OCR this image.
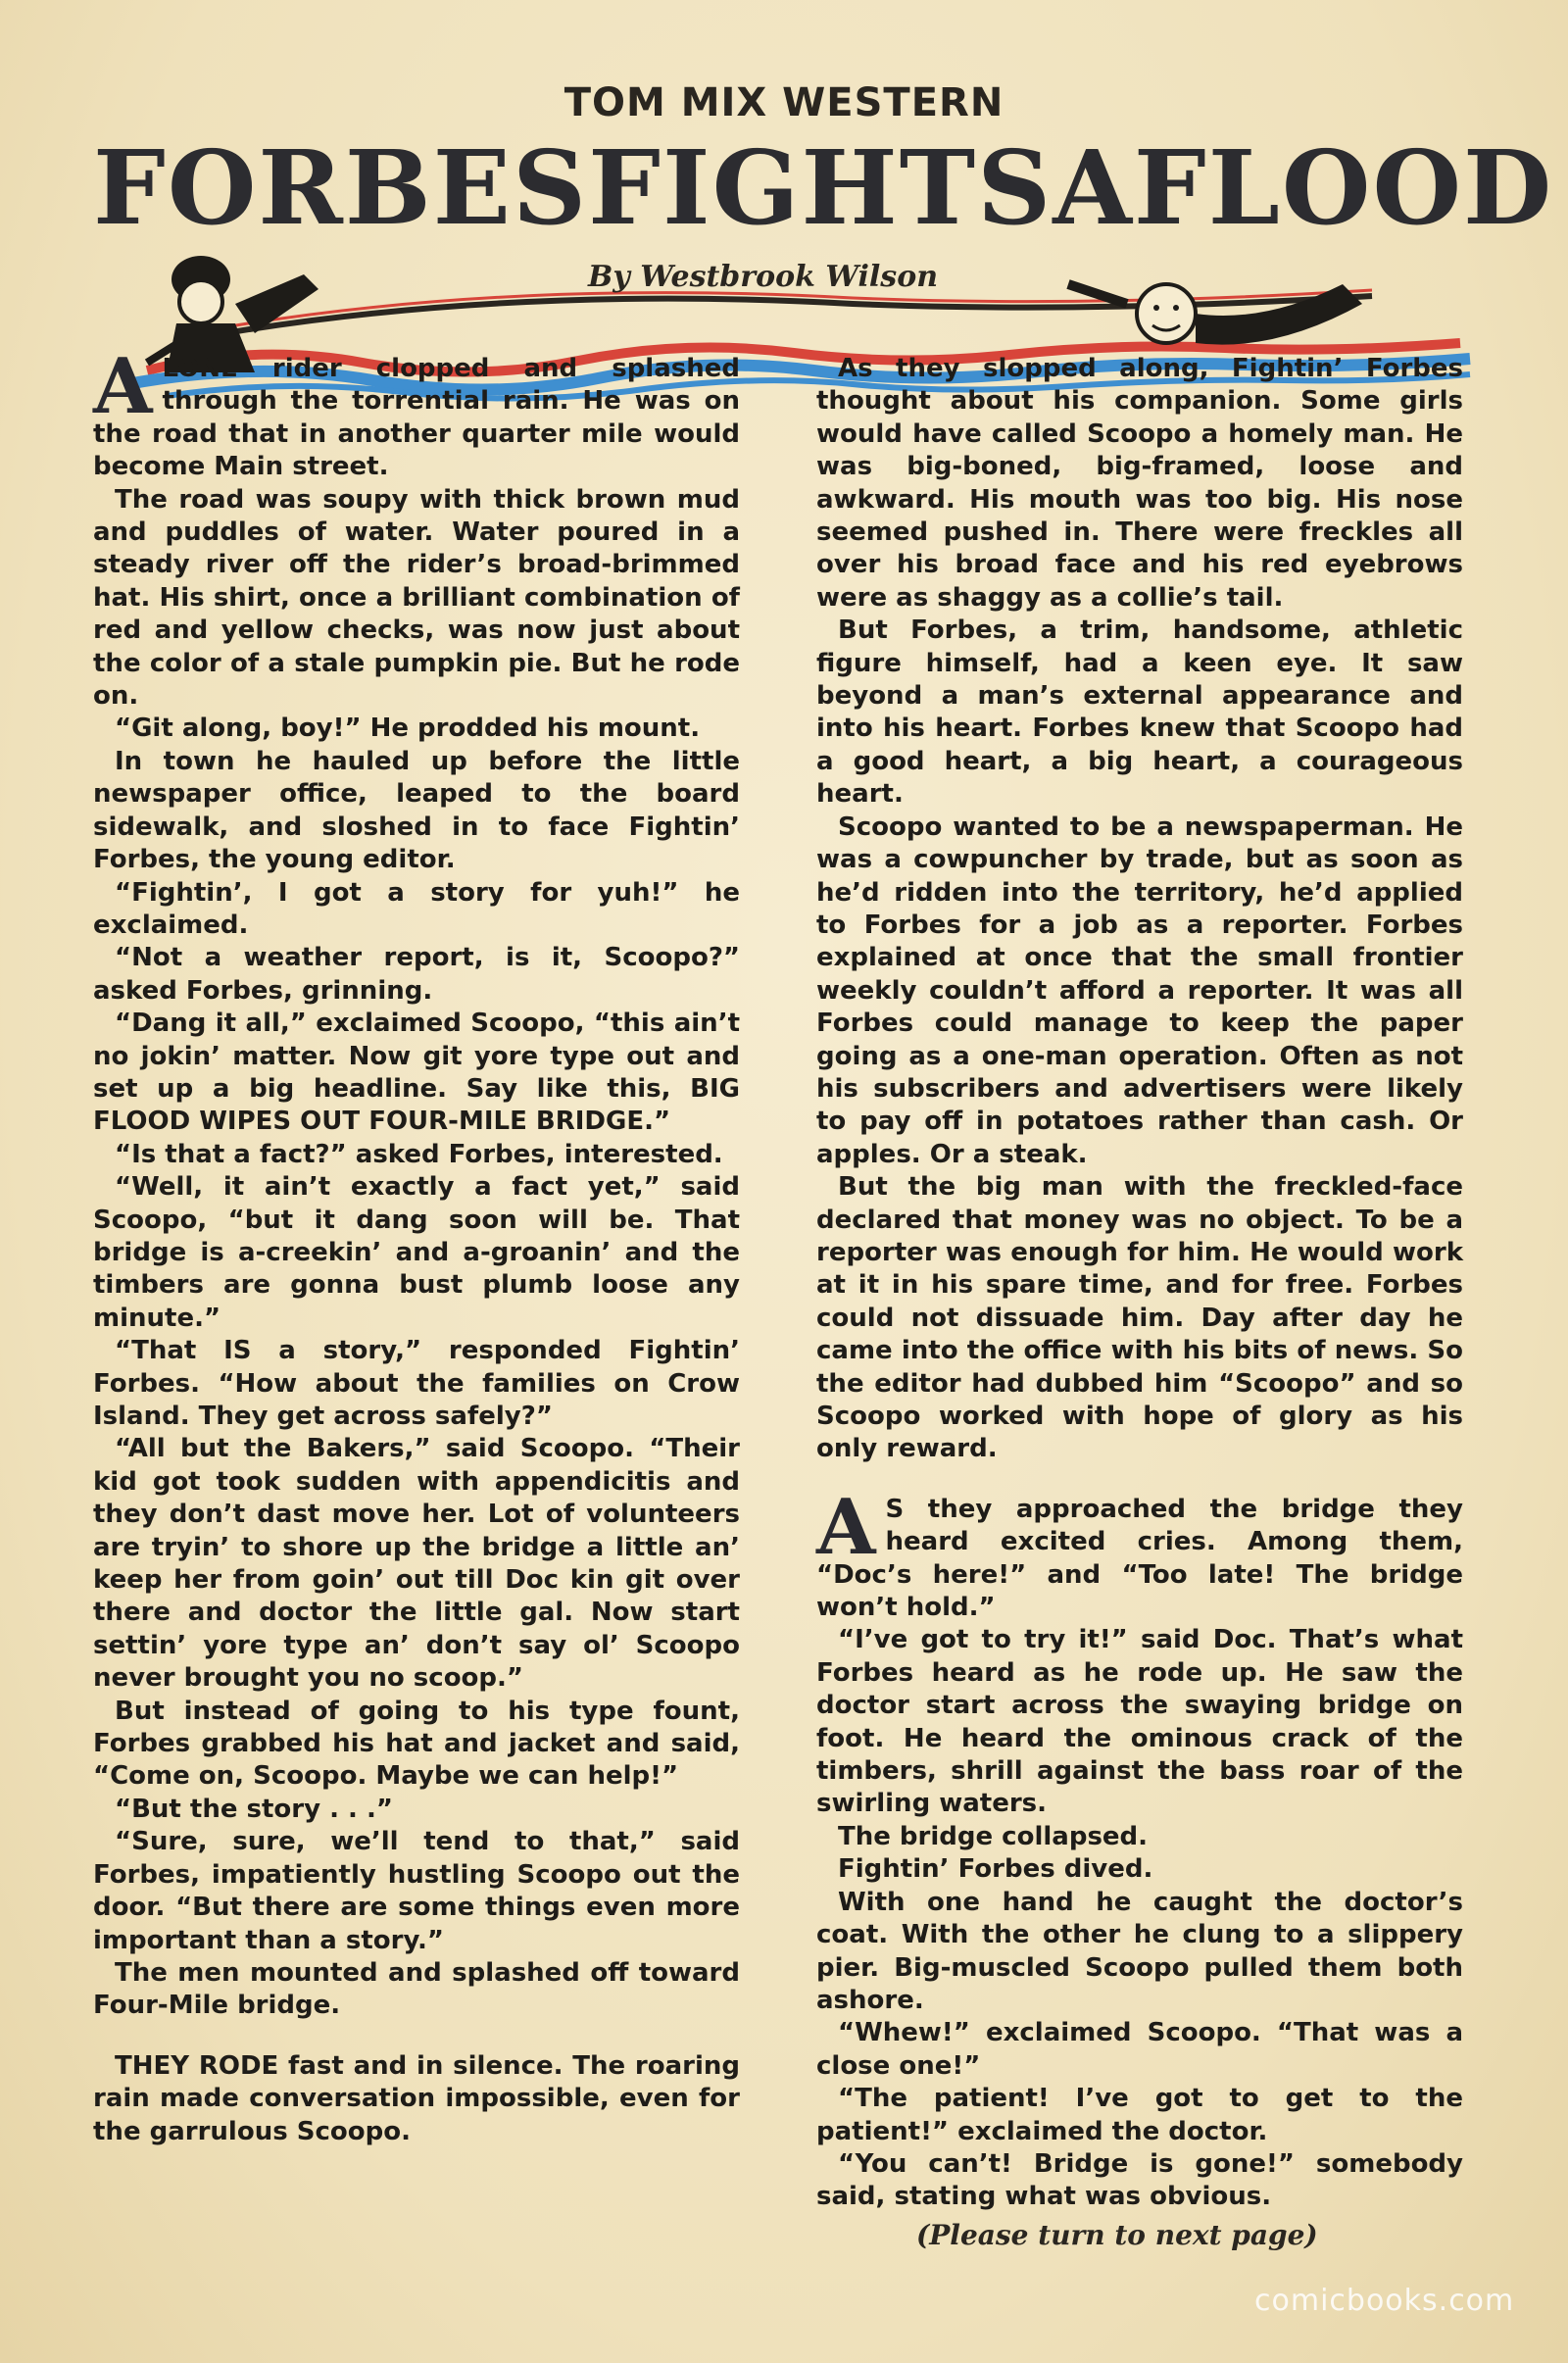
TOM MIX WESTERN
FORBES FIGHTS A FLOOD
By Westbrook Wilson

ALONE rider clopped and splashed through the torrential rain. He was on the road that in another quarter mile would become Main street.

The road was soupy with thick brown mud and puddles of water. Water poured in a steady river off the rider’s broad-brimmed hat. His shirt, once a brilliant combination of red and yellow checks, was now just about the color of a stale pumpkin pie. But he rode on.

“Git along, boy!” He prodded his mount.

In town he hauled up before the little newspaper office, leaped to the board sidewalk, and sloshed in to face Fightin’ Forbes, the young editor.

“Fightin’, I got a story for yuh!” he exclaimed.

“Not a weather report, is it, Scoopo?” asked Forbes, grinning.

“Dang it all,” exclaimed Scoopo, “this ain’t no jokin’ matter. Now git yore type out and set up a big headline. Say like this, BIG FLOOD WIPES OUT FOUR-MILE BRIDGE.”

“Is that a fact?” asked Forbes, interested.

“Well, it ain’t exactly a fact yet,” said Scoopo, “but it dang soon will be. That bridge is a-creekin’ and a-groanin’ and the timbers are gonna bust plumb loose any minute.”

“That IS a story,” responded Fightin’ Forbes. “How about the families on Crow Island. They get across safely?”

“All but the Bakers,” said Scoopo. “Their kid got took sudden with appendicitis and they don’t dast move her. Lot of volunteers are tryin’ to shore up the bridge a little an’ keep her from goin’ out till Doc kin git over there and doctor the little gal. Now start settin’ yore type an’ don’t say ol’ Scoopo never brought you no scoop.”

But instead of going to his type fount, Forbes grabbed his hat and jacket and said, “Come on, Scoopo. Maybe we can help!”

“But the story . . .”

“Sure, sure, we’ll tend to that,” said Forbes, impatiently hustling Scoopo out the door. “But there are some things even more important than a story.”

The men mounted and splashed off toward Four-Mile bridge.

THEY RODE fast and in silence. The roaring rain made conversation impossible, even for the garrulous Scoopo.

As they slopped along, Fightin’ Forbes thought about his companion. Some girls would have called Scoopo a homely man. He was big-boned, big-framed, loose and awkward. His mouth was too big. His nose seemed pushed in. There were freckles all over his broad face and his red eyebrows were as shaggy as a collie’s tail.

But Forbes, a trim, handsome, athletic figure himself, had a keen eye. It saw beyond a man’s external appearance and into his heart. Forbes knew that Scoopo had a good heart, a big heart, a courageous heart.

Scoopo wanted to be a newspaperman. He was a cowpuncher by trade, but as soon as he’d ridden into the territory, he’d applied to Forbes for a job as a reporter. Forbes explained at once that the small frontier weekly couldn’t afford a reporter. It was all Forbes could manage to keep the paper going as a one-man operation. Often as not his subscribers and advertisers were likely to pay off in potatoes rather than cash. Or apples. Or a steak.

But the big man with the freckled-face declared that money was no object. To be a reporter was enough for him. He would work at it in his spare time, and for free. Forbes could not dissuade him. Day after day he came into the office with his bits of news. So the editor had dubbed him “Scoopo” and so Scoopo worked with hope of glory as his only reward.

A S they approached the bridge they heard excited cries. Among them, “Doc’s here!” and “Too late! The bridge won’t hold.”

“I’ve got to try it!” said Doc. That’s what Forbes heard as he rode up. He saw the doctor start across the swaying bridge on foot. He heard the ominous crack of the timbers, shrill against the bass roar of the swirling waters.

The bridge collapsed.

Fightin’ Forbes dived.

With one hand he caught the doctor’s coat. With the other he clung to a slippery pier. Big-muscled Scoopo pulled them both ashore.

“Whew!” exclaimed Scoopo. “That was a close one!”

“The patient! I’ve got to get to the patient!” exclaimed the doctor.

“You can’t! Bridge is gone!” somebody said, stating what was obvious.

(Please turn to next page)
comicbooks.com
